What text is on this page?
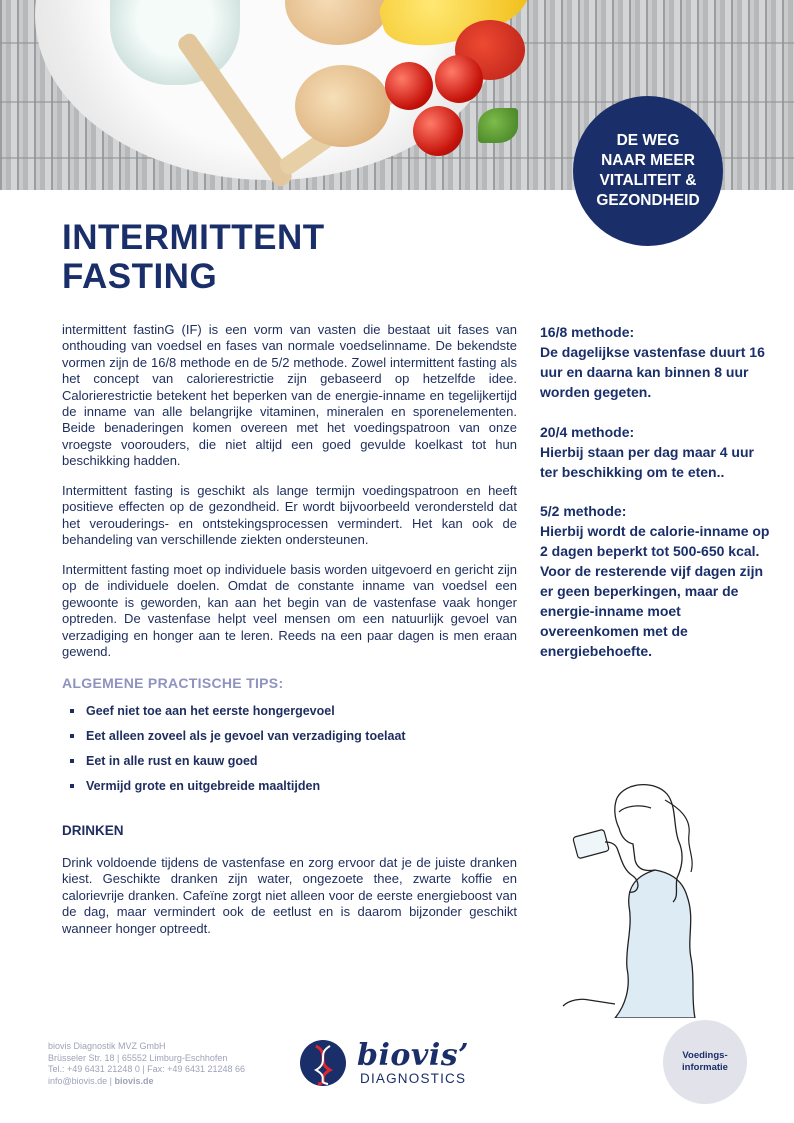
DE WEG
NAAR MEER
VITALITEIT &
GEZONDHEID
INTERMITTENT
FASTING

intermittent fastinG (IF) is een vorm van vasten die bestaat uit fases van onthouding van voedsel en fases van normale voedselinname. De bekendste vormen zijn de 16/8 methode en de 5/2 methode. Zowel intermittent fasting als het concept van calorierestrictie zijn gebaseerd op hetzelfde idee. Calorierestrictie betekent het beperken van de energie-inname en tegelijkertijd de inname van alle belangrijke vitaminen, mineralen en sporenelementen. Beide benaderingen komen overeen met het voedingspatroon van onze vroegste voorouders, die niet altijd een goed gevulde koelkast tot hun beschikking hadden.

Intermittent fasting is geschikt als lange termijn voedingspatroon en heeft positieve effecten op de gezondheid. Er wordt bijvoorbeeld verondersteld dat het verouderings- en ontstekingsprocessen vermindert. Het kan ook de behandeling van verschillende ziekten ondersteunen.

Intermittent fasting moet op individuele basis worden uitgevoerd en gericht zijn op de individuele doelen. Omdat de constante inname van voedsel een gewoonte is geworden, kan aan het begin van de vastenfase vaak honger optreden. De vastenfase helpt veel mensen om een natuurlijk gevoel van verzadiging en honger aan te leren. Reeds na een paar dagen is men eraan gewend.

ALGEMENE PRACTISCHE TIPS:
Geef niet toe aan het eerste hongergevoel
Eet alleen zoveel als je gevoel van verzadiging toelaat
Eet in alle rust en kauw goed
Vermijd grote en uitgebreide maaltijden
DRINKEN

Drink voldoende tijdens de vastenfase en zorg ervoor dat je de juiste dranken kiest. Geschikte dranken zijn water, ongezoete thee, zwarte koffie en calorievrije dranken. Cafeïne zorgt niet alleen voor de eerste energieboost van de dag, maar vermindert ook de eetlust en is daarom bijzonder geschikt wanneer honger optreedt.

16/8 methode:
De dagelijkse vastenfase duurt 16 uur en daarna kan binnen 8 uur worden gegeten.
20/4 methode:
Hierbij staan per dag maar 4 uur ter beschikking om te eten..
5/2 methode:
Hierbij wordt de calorie-inname op 2 dagen beperkt tot 500-650 kcal. Voor de resterende vijf dagen zijn er geen beperkingen, maar de energie-inname moet overeenkomen met de energiebehoefte.
biovis Diagnostik MVZ GmbH
Brüsseler Str. 18 | 65552 Limburg-Eschhofen
Tel.: +49 6431 21248 0 | Fax: +49 6431 21248 66
info@biovis.de | biovis.de
biovis’
DIAGNOSTICS
Voedings-
informatie
